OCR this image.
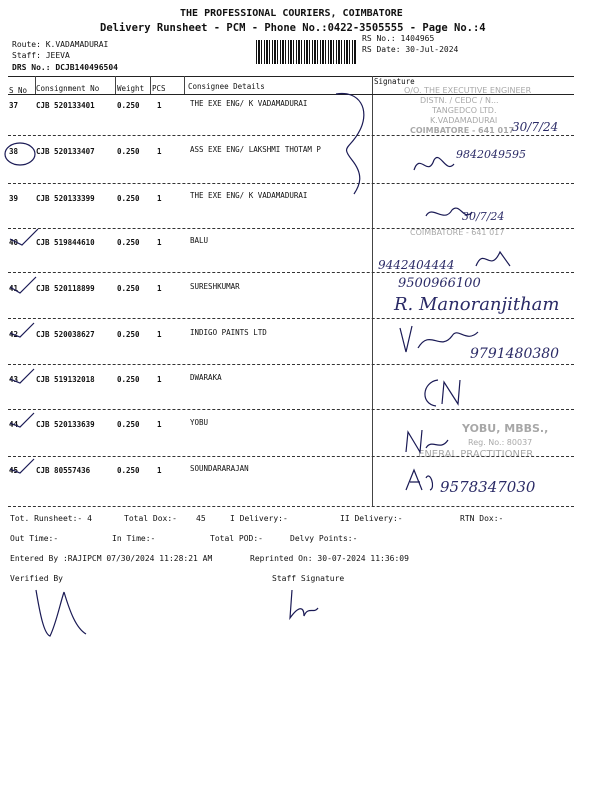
THE PROFESSIONAL COURIERS, COIMBATORE
Delivery Runsheet - PCM - Phone No.:0422-3505555 - Page No.:4
Route: K.VADAMADURAI
Staff: JEEVA
DRS No.: DCJB140496504
RS No.: 1404965
RS Date: 30-Jul-2024
Signature
S No Consignment No Weight PCS	Consignee Details
37 CJB 520133401	0.250 1	THE EXE ENG/ K VADAMADURAI
38 CJB 520133407	0.250 1	ASS EXE ENG/ LAKSHMI THOTAM P
39 CJB 520133399	0.250 1	THE EXE ENG/ K VADAMADURAI
40 CJB 519844610	0.250 1	BALU
41 CJB 520118899	0.250 1	SURESHKUMAR
42 CJB 520038627	0.250 1	INDIGO PAINTS LTD
43 CJB 519132018	0.250 1	DWARAKA
44 CJB 520133639	0.250 1	YOBU
45 CJB 80557436	0.250 1	SOUNDARARAJAN
O/O. THE EXECUTIVE ENGINEER
DISTN. / CEDC / N...
TANGEDCO LTD.
K.VADAMADURAI
COIMBATORE - 641 017
COIMBATORE - 641 017
YOBU, MBBS.,
Reg. No.: 80037
ENERAL PRACTITIONER
30/7/24
9842049595
30/7/24
9442404444
9500966100
R. Manoranjitham
9791480380
9578347030
Tot. Runsheet:- 4	Total Dox:- 45	I Delivery:-	II Delivery:-	RTN Dox:-
Out Time:-	In Time:-	Total POD:-	Delvy Points:-
Entered By :RAJIPCM 07/30/2024 11:28:21 AM	Reprinted On: 30-07-2024 11:36:09
Verified By	Staff Signature
